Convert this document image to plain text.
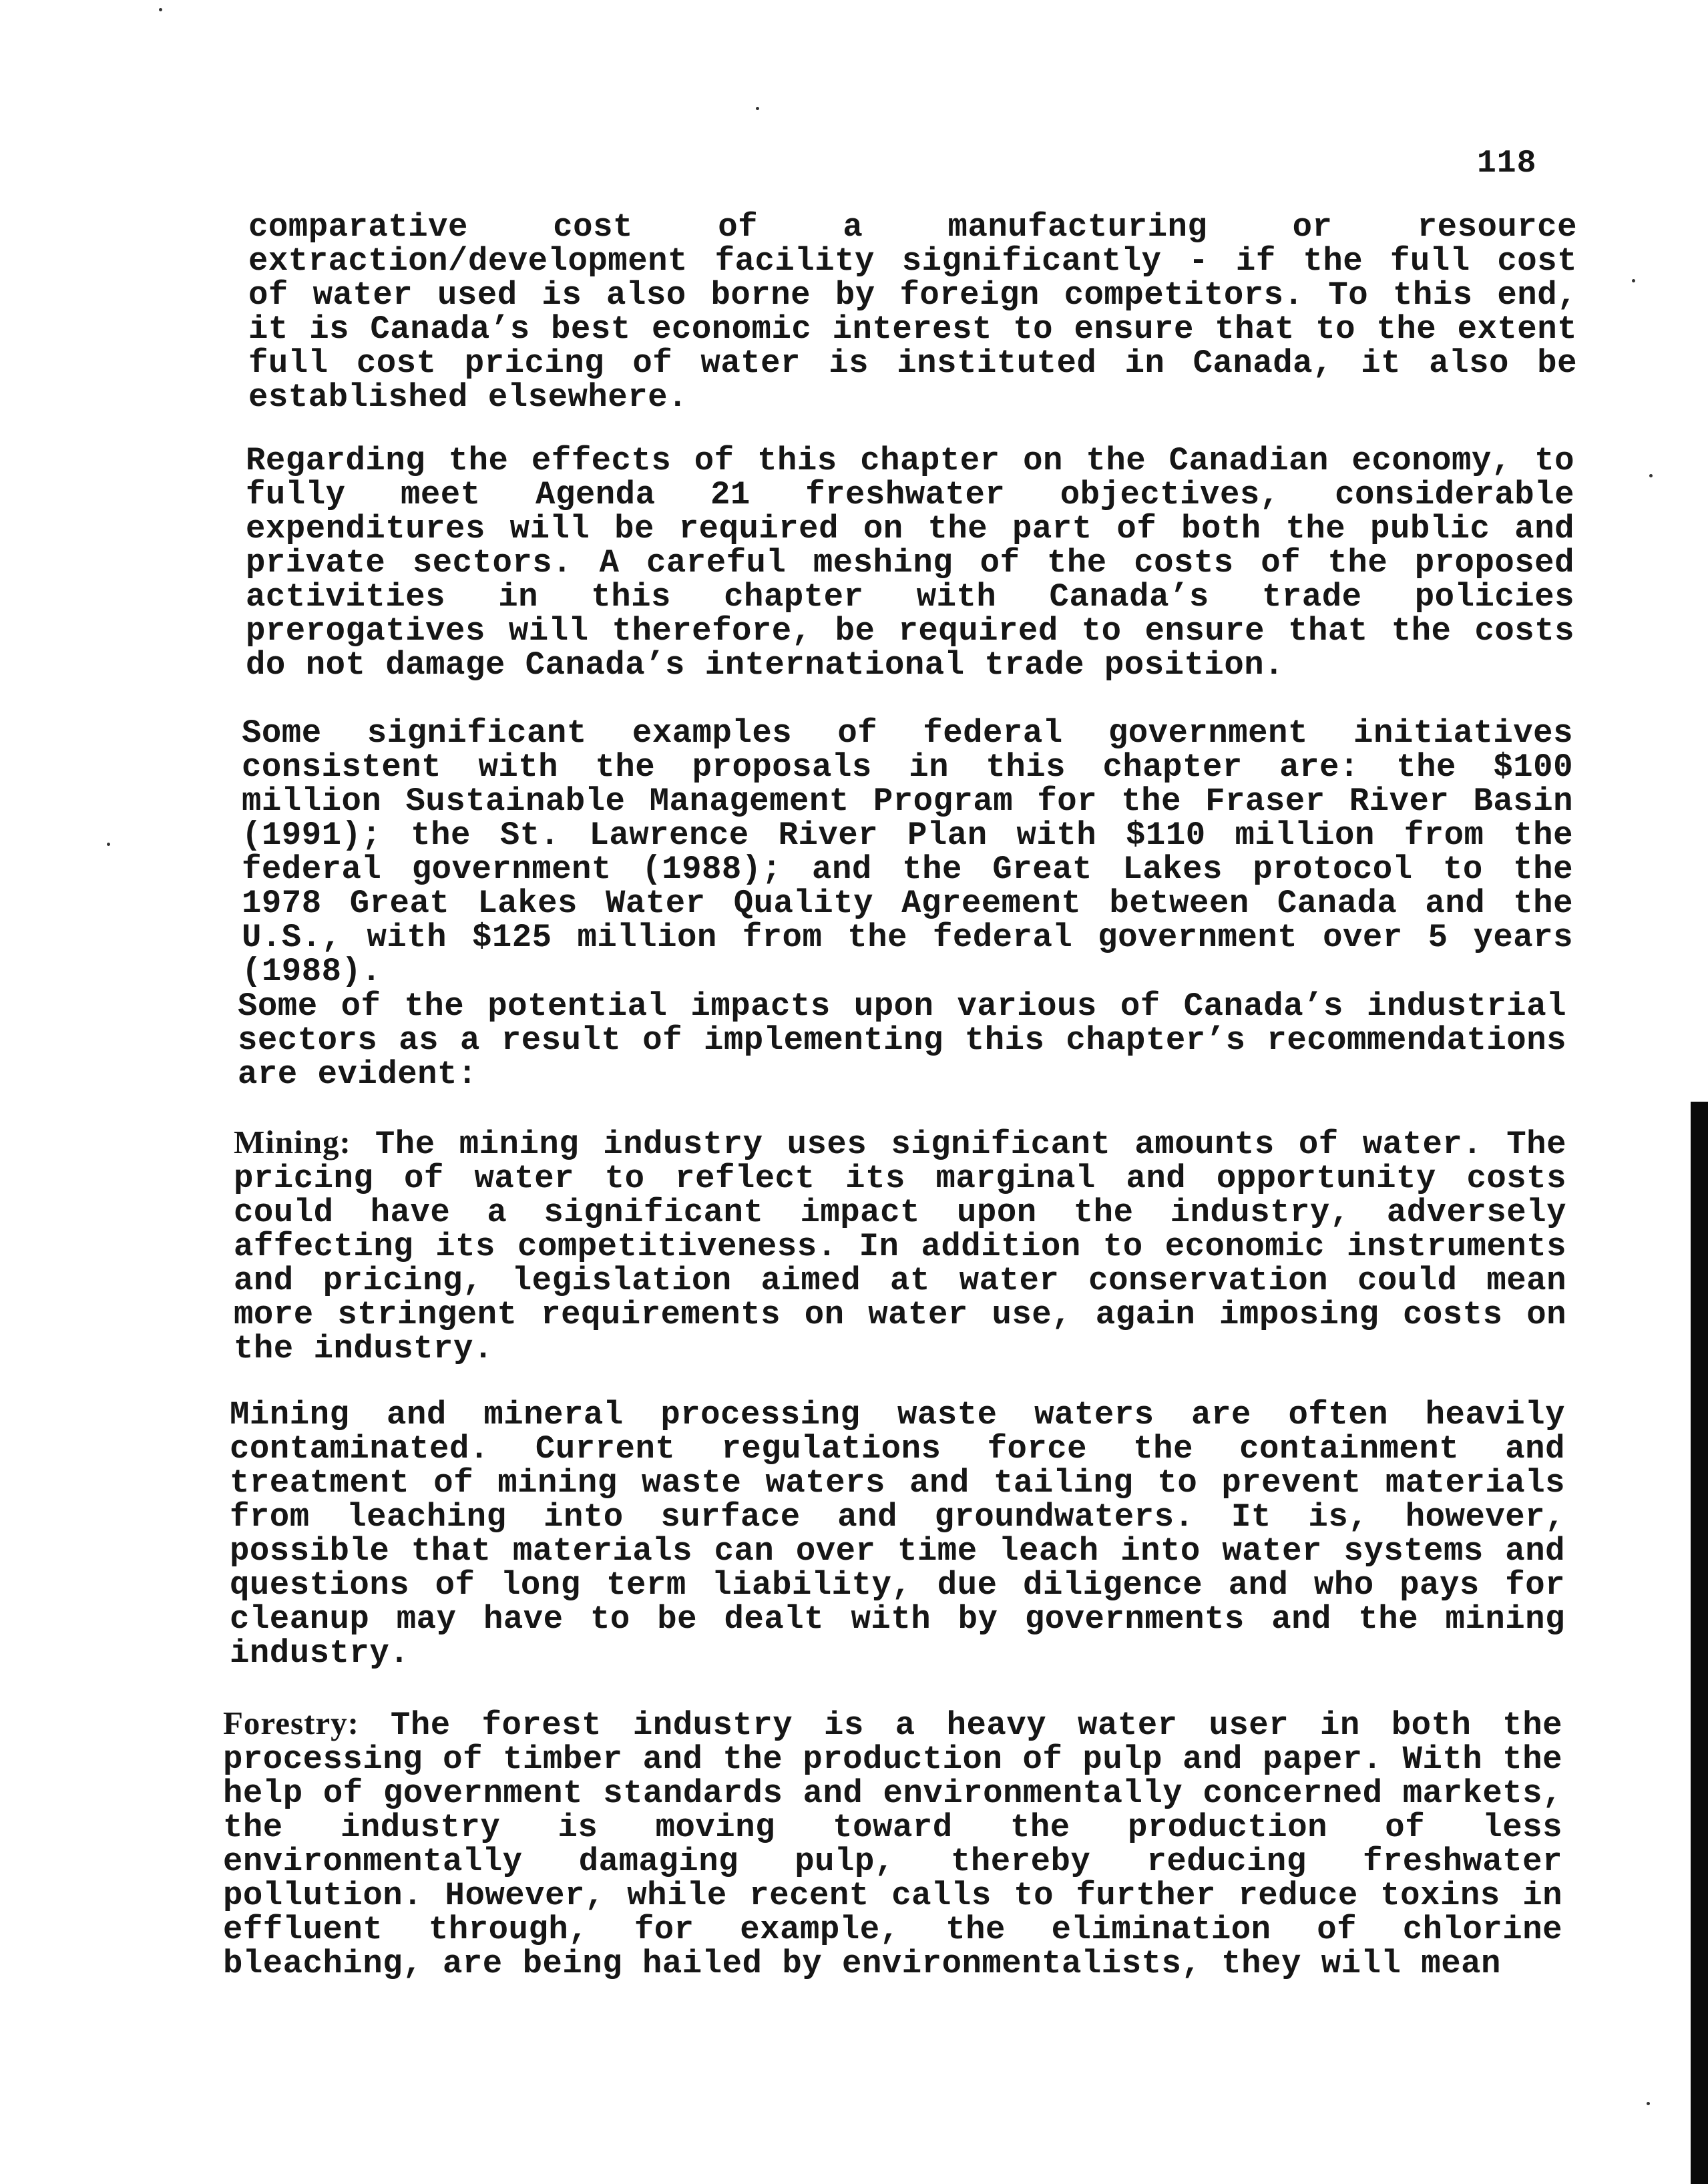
118
comparative cost of a manufacturing or resource extraction/development facility significantly - if the full cost of water used is also borne by foreign competitors. To this end, it is Canada’s best economic interest to ensure that to the extent full cost pricing of water is instituted in Canada, it also be established elsewhere.
Regarding the effects of this chapter on the Canadian economy, to fully meet Agenda 21 freshwater objectives, considerable expenditures will be required on the part of both the public and private sectors. A careful meshing of the costs of the proposed activities in this chapter with Canada’s trade policies prerogatives will therefore, be required to ensure that the costs do not damage Canada’s international trade position.
Some significant examples of federal government initiatives consistent with the proposals in this chapter are: the $100 million Sustainable Management Program for the Fraser River Basin (1991); the St. Lawrence River Plan with $110 million from the federal government (1988); and the Great Lakes protocol to the 1978 Great Lakes Water Quality Agreement between Canada and the U.S., with $125 million from the federal government over 5 years (1988).
Some of the potential impacts upon various of Canada’s industrial sectors as a result of implementing this chapter’s recommendations are evident:
Mining: The mining industry uses significant amounts of water. The pricing of water to reflect its marginal and opportunity costs could have a significant impact upon the industry, adversely affecting its competitiveness. In addition to economic instruments and pricing, legislation aimed at water conservation could mean more stringent requirements on water use, again imposing costs on the industry.
Mining and mineral processing waste waters are often heavily contaminated. Current regulations force the containment and treatment of mining waste waters and tailing to prevent materials from leaching into surface and groundwaters. It is, however, possible that materials can over time leach into water systems and questions of long term liability, due diligence and who pays for cleanup may have to be dealt with by governments and the mining industry.
Forestry: The forest industry is a heavy water user in both the processing of timber and the production of pulp and paper. With the help of government standards and environmentally concerned markets, the industry is moving toward the production of less environmentally damaging pulp, thereby reducing freshwater pollution. However, while recent calls to further reduce toxins in effluent through, for example, the elimination of chlorine bleaching, are being hailed by environmentalists, they will mean
